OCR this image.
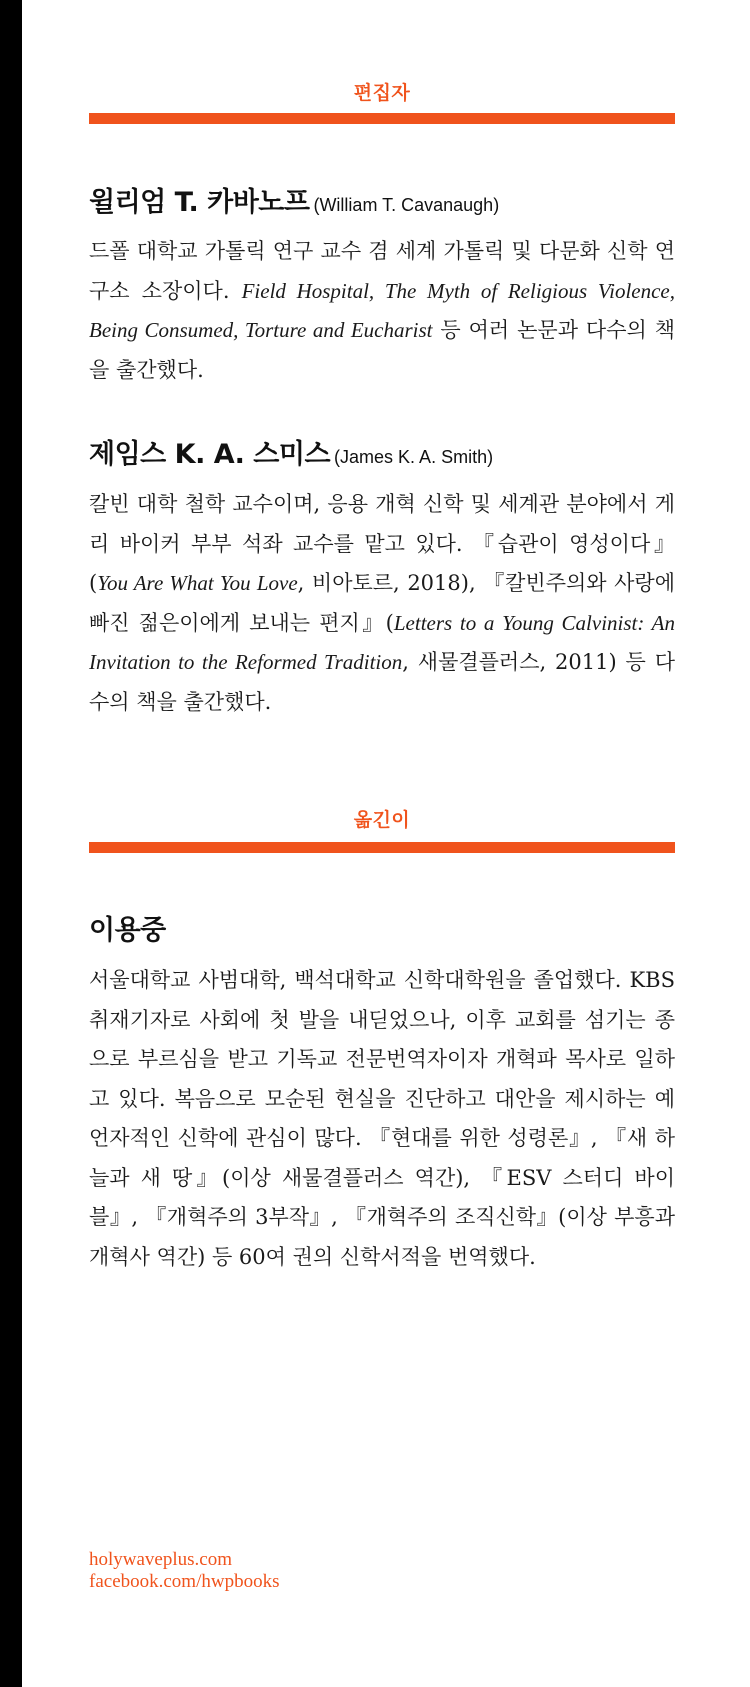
편집자
윌리엄 T. 카바노프 (William T. Cavanaugh)

드폴 대학교 가톨릭 연구 교수 겸 세계 가톨릭 및 다문화 신학 연구소 소장이다. Field Hospital, The Myth of Religious Violence, Being Consumed, Torture and Eucharist 등 여러 논문과 다수의 책을 출간했다.

제임스 K. A. 스미스 (James K. A. Smith)

칼빈 대학 철학 교수이며, 응용 개혁 신학 및 세계관 분야에서 게리 바이커 부부 석좌 교수를 맡고 있다. 『습관이 영성이다』(You Are What You Love, 비아토르, 2018), 『칼빈주의와 사랑에 빠진 젊은이에게 보내는 편지』(Letters to a Young Calvinist: An Invitation to the Reformed Tradition, 새물결플러스, 2011) 등 다수의 책을 출간했다.

옮긴이
이용중

서울대학교 사범대학, 백석대학교 신학대학원을 졸업했다. KBS 취재기자로 사회에 첫 발을 내딛었으나, 이후 교회를 섬기는 종으로 부르심을 받고 기독교 전문번역자이자 개혁파 목사로 일하고 있다. 복음으로 모순된 현실을 진단하고 대안을 제시하는 예언자적인 신학에 관심이 많다. 『현대를 위한 성령론』, 『새 하늘과 새 땅』(이상 새물결플러스 역간), 『ESV 스터디 바이블』, 『개혁주의 3부작』, 『개혁주의 조직신학』(이상 부흥과개혁사 역간) 등 60여 권의 신학서적을 번역했다.

holywaveplus.com
facebook.com/hwpbooks
